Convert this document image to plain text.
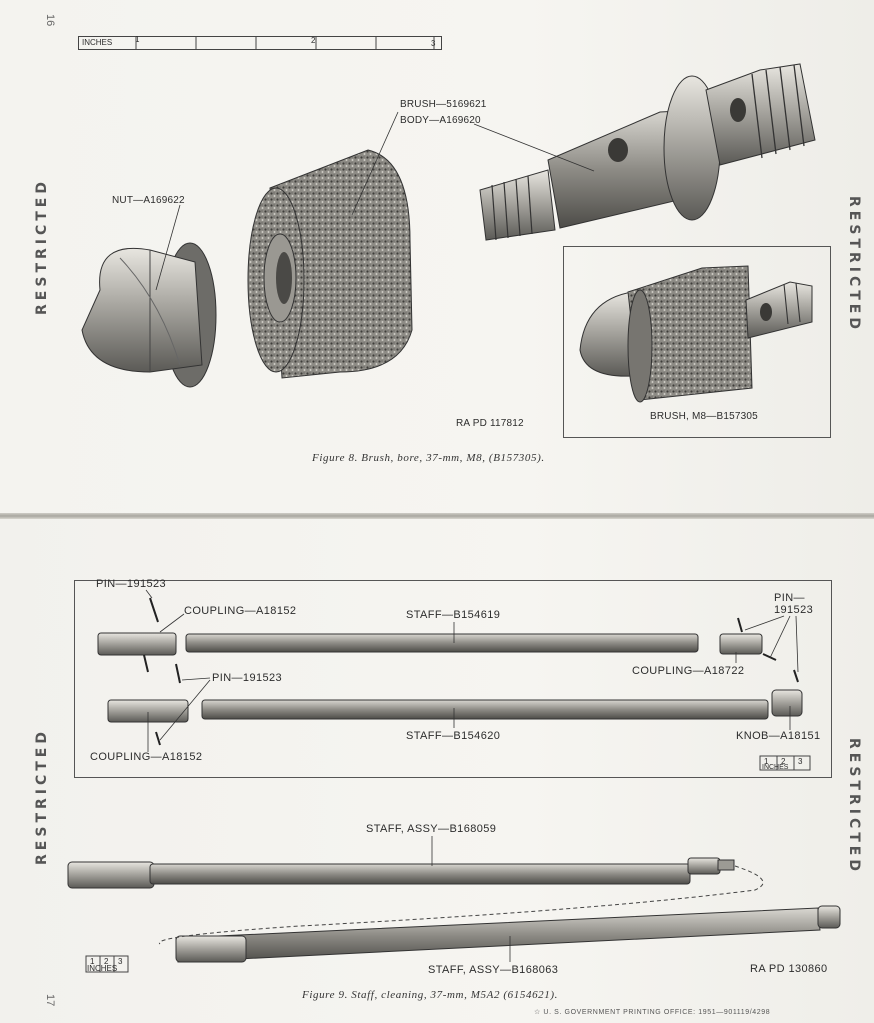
16
RESTRICTED	RESTRICTED
INCHES	1	2	3
BRUSH—5169621
BODY—A169620
NUT—A169622
BRUSH, M8—B157305
RA PD 117812
Figure 8. Brush, bore, 37-mm, M8, (B157305).
RESTRICTED	RESTRICTED
PIN—191523
COUPLING—A18152	STAFF—B154619
PIN—
191523
COUPLING—A18722
PIN—191523
STAFF—B154620	KNOB—A18151
COUPLING—A18152	1 2 3
INCHES
STAFF, ASSY—B168059
STAFF, ASSY—B168063
1 2 3
INCHES	RA PD 130860
Figure 9. Staff, cleaning, 37-mm, M5A2 (6154621).
17
☆ U. S. GOVERNMENT PRINTING OFFICE: 1951—901119/4298
